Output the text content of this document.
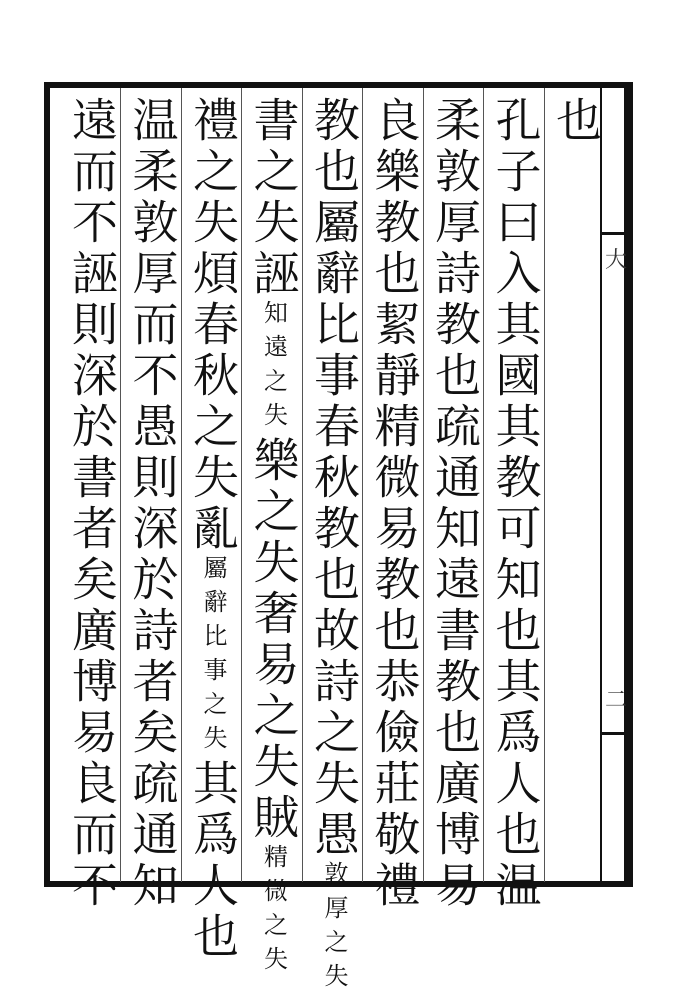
大
二
也
孔子曰入其國其教可知也其爲人也温
柔敦厚詩教也疏通知遠書教也廣博易
良樂教也絜靜精微易教也恭儉莊敬禮
教也屬辭比事春秋教也故詩之失愚敦厚之失
書之失誣知遠之失樂之失奢易之失賊精微之失
禮之失煩春秋之失亂屬辭比事之失其爲人也
温柔敦厚而不愚則深於詩者矣疏通知
遠而不誣則深於書者矣廣博易良而不
